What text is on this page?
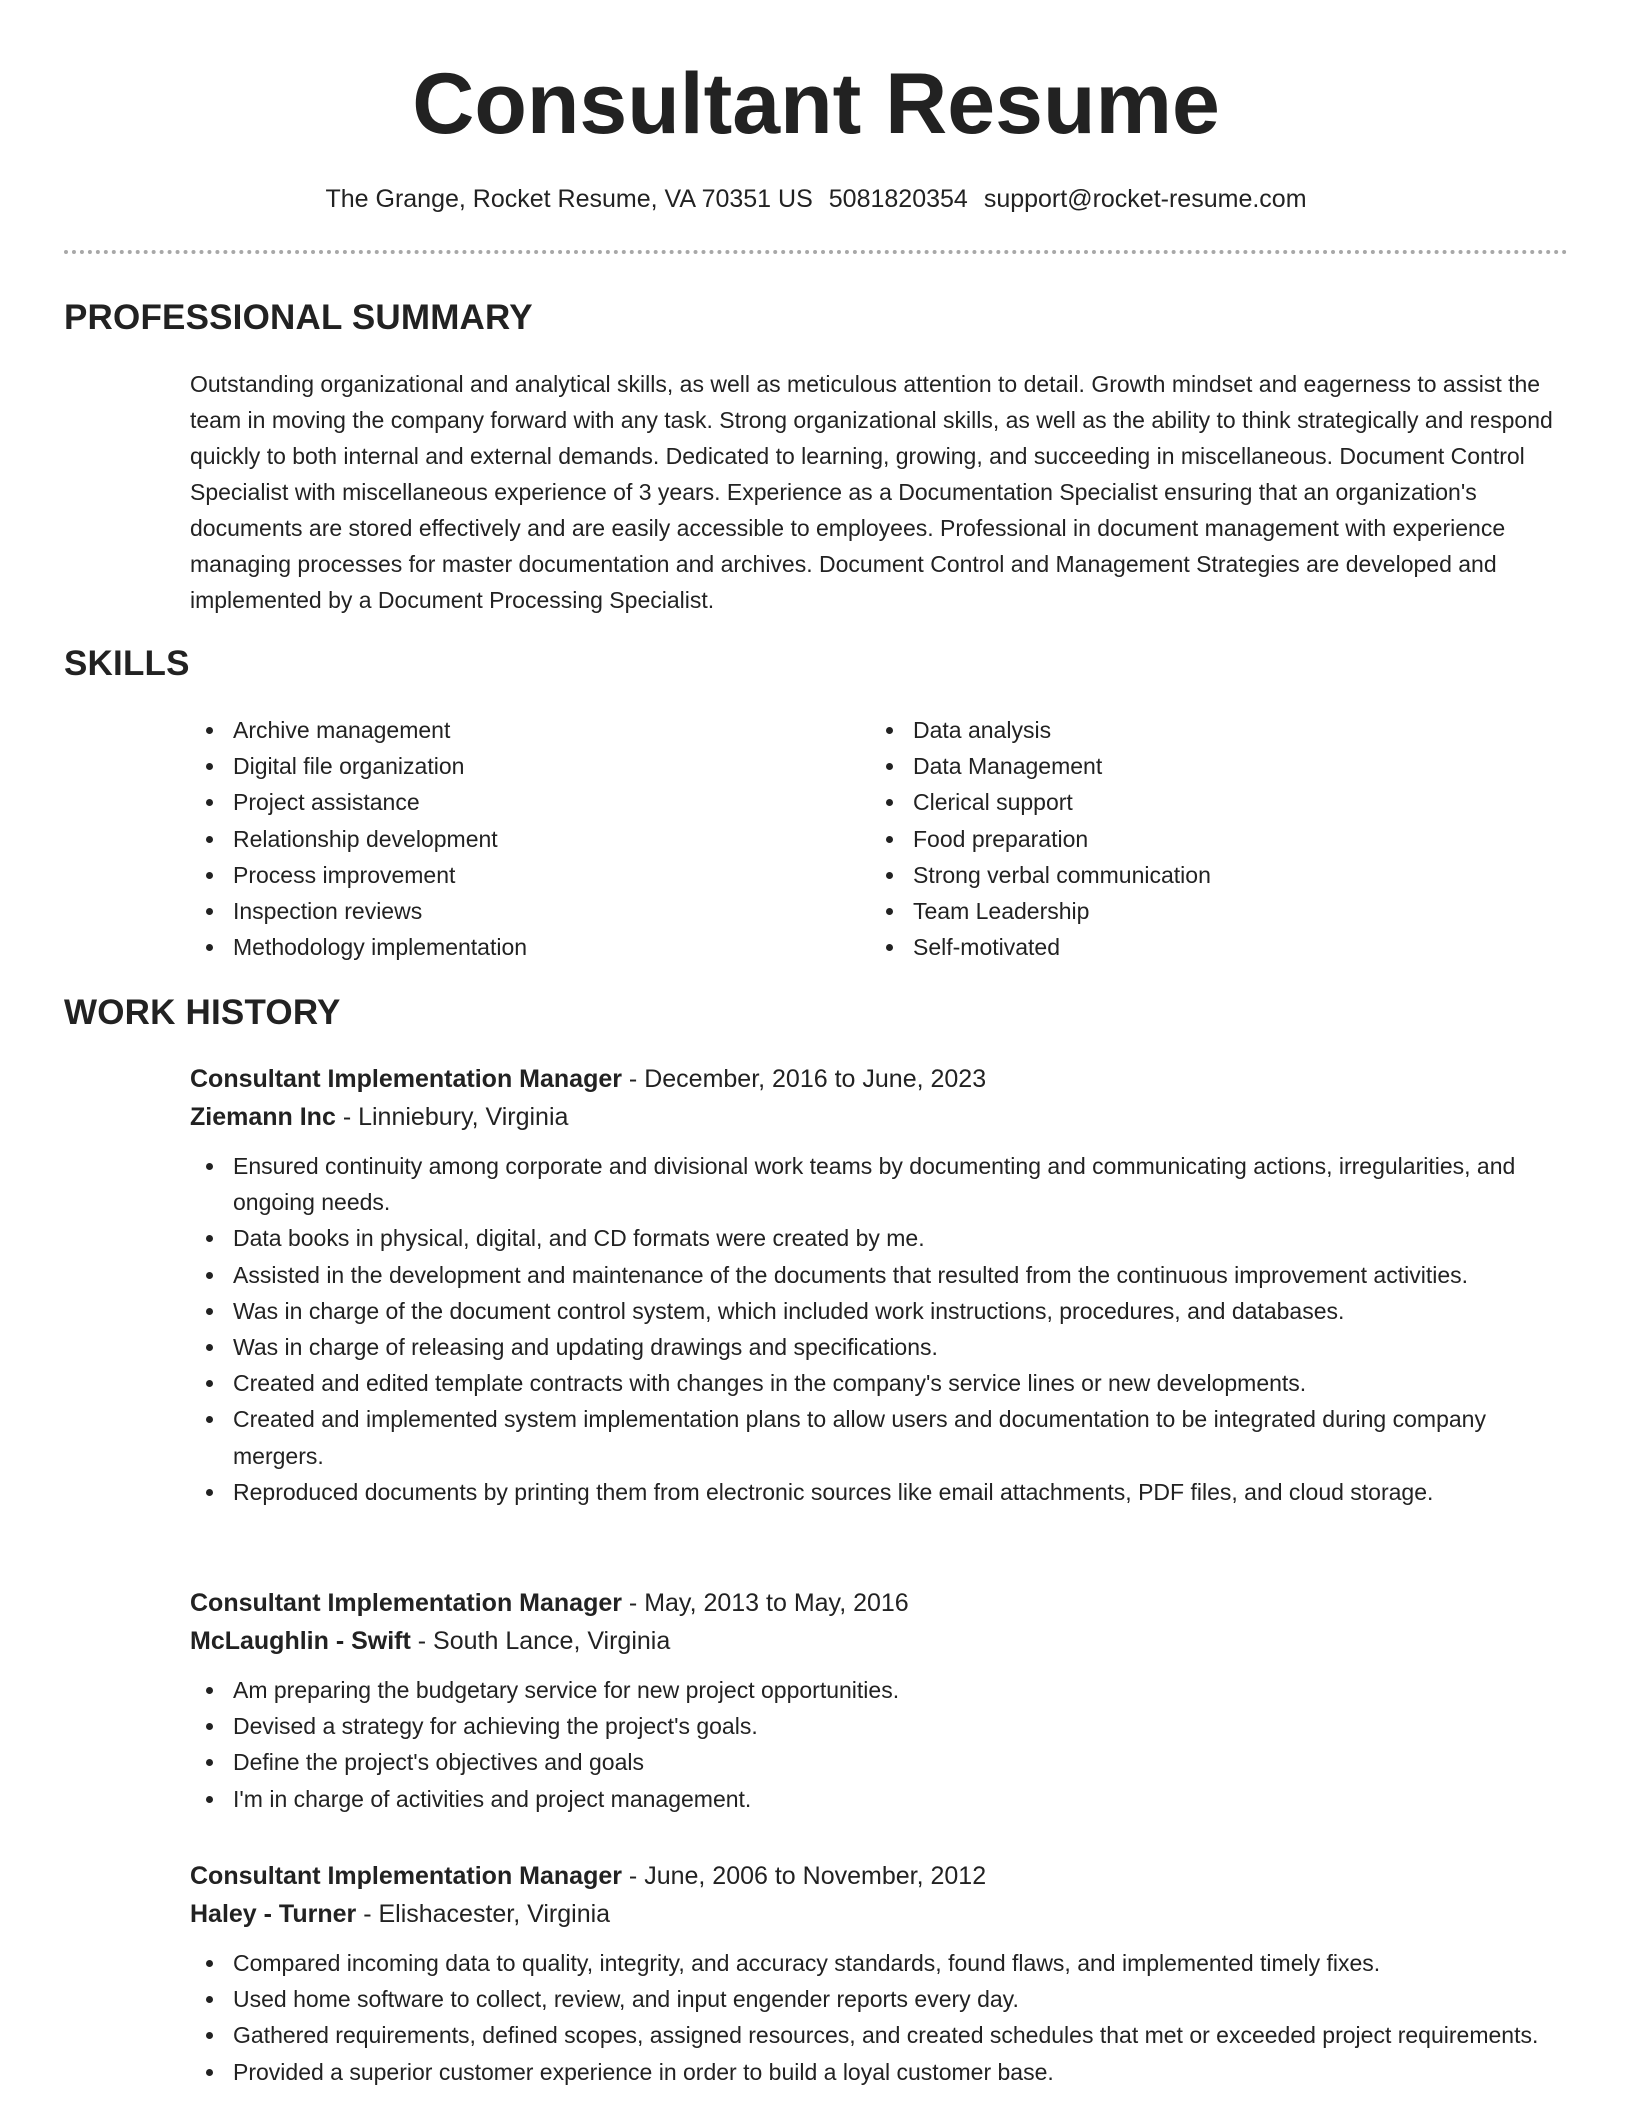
Consultant Resume
The Grange, Rocket Resume, VA 70351 US 5081820354 support@rocket-resume.com
PROFESSIONAL SUMMARY

Outstanding organizational and analytical skills, as well as meticulous attention to detail. Growth mindset and eagerness to assist the team in moving the company forward with any task. Strong organizational skills, as well as the ability to think strategically and respond quickly to both internal and external demands. Dedicated to learning, growing, and succeeding in miscellaneous. Document Control Specialist with miscellaneous experience of 3 years. Experience as a Documentation Specialist ensuring that an organization's documents are stored effectively and are easily accessible to employees. Professional in document management with experience managing processes for master documentation and archives. Document Control and Management Strategies are developed and implemented by a Document Processing Specialist.

SKILLS
Archive management
Digital file organization
Project assistance
Relationship development
Process improvement
Inspection reviews
Methodology implementation
Data analysis
Data Management
Clerical support
Food preparation
Strong verbal communication
Team Leadership
Self-motivated
WORK HISTORY
Consultant Implementation Manager - December, 2016 to June, 2023
Ziemann Inc - Linniebury, Virginia
Ensured continuity among corporate and divisional work teams by documenting and communicating actions, irregularities, and ongoing needs.
Data books in physical, digital, and CD formats were created by me.
Assisted in the development and maintenance of the documents that resulted from the continuous improvement activities.
Was in charge of the document control system, which included work instructions, procedures, and databases.
Was in charge of releasing and updating drawings and specifications.
Created and edited template contracts with changes in the company's service lines or new developments.
Created and implemented system implementation plans to allow users and documentation to be integrated during company mergers.
Reproduced documents by printing them from electronic sources like email attachments, PDF files, and cloud storage.
Consultant Implementation Manager - May, 2013 to May, 2016
McLaughlin - Swift - South Lance, Virginia
Am preparing the budgetary service for new project opportunities.
Devised a strategy for achieving the project's goals.
Define the project's objectives and goals
I'm in charge of activities and project management.
Consultant Implementation Manager - June, 2006 to November, 2012
Haley - Turner - Elishacester, Virginia
Compared incoming data to quality, integrity, and accuracy standards, found flaws, and implemented timely fixes.
Used home software to collect, review, and input engender reports every day.
Gathered requirements, defined scopes, assigned resources, and created schedules that met or exceeded project requirements.
Provided a superior customer experience in order to build a loyal customer base.
